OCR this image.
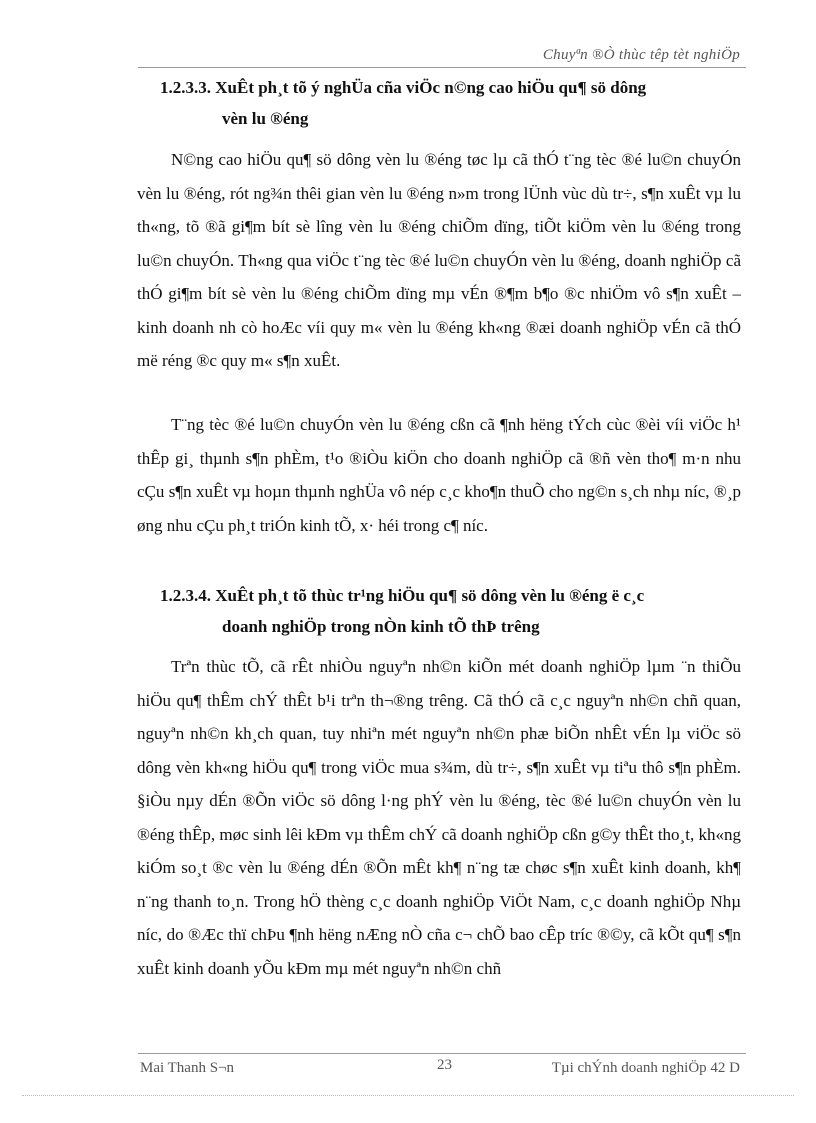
Chuyªn ®Ò thùc têp tèt nghiÖp
1.2.3.3. XuÊt ph¸t tõ ý nghÜa cña viÖc n©ng cao hiÖu qu¶ sö dông
vèn lu ®éng

N©ng cao hiÖu qu¶ sö dông vèn lu ®éng tøc lµ cã thÓ t¨ng tèc ®é lu©n chuyÓn vèn lu ®éng, rót ng¾n thêi gian vèn lu ®éng n»m trong lÜnh vùc dù tr÷, s¶n xuÊt vµ lu th«ng, tõ ®ã gi¶m bít sè lîng vèn lu ®éng chiÕm dïng, tiÕt kiÖm vèn lu ®éng trong lu©n chuyÓn. Th«ng qua viÖc t¨ng tèc ®é lu©n chuyÓn vèn lu ®éng, doanh nghiÖp cã thÓ gi¶m bít sè vèn lu ®éng chiÕm dïng mµ vÉn ®¶m b¶o ®c nhiÖm vô s¶n xuÊt – kinh doanh nh cò hoÆc víi quy m« vèn lu ®éng kh«ng ®æi doanh nghiÖp vÉn cã thÓ më réng ®c quy m« s¶n xuÊt.

T¨ng tèc ®é lu©n chuyÓn vèn lu ®éng cßn cã ¶nh hëng tÝch cùc ®èi víi viÖc h¹ thÊp gi¸ thµnh s¶n phÈm, t¹o ®iÒu kiÖn cho doanh nghiÖp cã ®ñ vèn tho¶ m·n nhu cÇu s¶n xuÊt vµ hoµn thµnh nghÜa vô nép c¸c kho¶n thuÕ cho ng©n s¸ch nhµ níc, ®¸p øng nhu cÇu ph¸t triÓn kinh tÕ, x· héi trong c¶ níc.

1.2.3.4. XuÊt ph¸t tõ thùc tr¹ng hiÖu qu¶ sö dông vèn lu ®éng ë c¸c
doanh nghiÖp trong nÒn kinh tÕ thÞ trêng

Trªn thùc tÕ, cã rÊt nhiÒu nguyªn nh©n kiÕn mét doanh nghiÖp lµm ¨n thiÕu hiÖu qu¶ thÊm chÝ thÊt b¹i trªn th¬®ng trêng. Cã thÓ cã c¸c nguyªn nh©n chñ quan, nguyªn nh©n kh¸ch quan, tuy nhiªn mét nguyªn nh©n phæ biÕn nhÊt vÉn lµ viÖc sö dông vèn kh«ng hiÖu qu¶ trong viÖc mua s¾m, dù tr÷, s¶n xuÊt vµ tiªu thô s¶n phÈm. §iÒu nµy dÉn ®Õn viÖc sö dông l·ng phÝ vèn lu ®éng, tèc ®é lu©n chuyÓn vèn lu ®éng thÊp, møc sinh lêi kÐm vµ thÊm chÝ cã doanh nghiÖp cßn g©y thÊt tho¸t, kh«ng kiÓm so¸t ®c vèn lu ®éng dÉn ®Õn mÊt kh¶ n¨ng tæ chøc s¶n xuÊt kinh doanh, kh¶ n¨ng thanh to¸n. Trong hÖ thèng c¸c doanh nghiÖp ViÖt Nam, c¸c doanh nghiÖp Nhµ níc, do ®Æc thï chÞu ¶nh hëng nÆng nÒ cña c¬ chÕ bao cÊp tríc ®©y, cã kÕt qu¶ s¶n xuÊt kinh doanh yÕu kÐm mµ mét nguyªn nh©n chñ

Mai Thanh S¬n	23	Tµi chÝnh doanh nghiÖp 42 D
